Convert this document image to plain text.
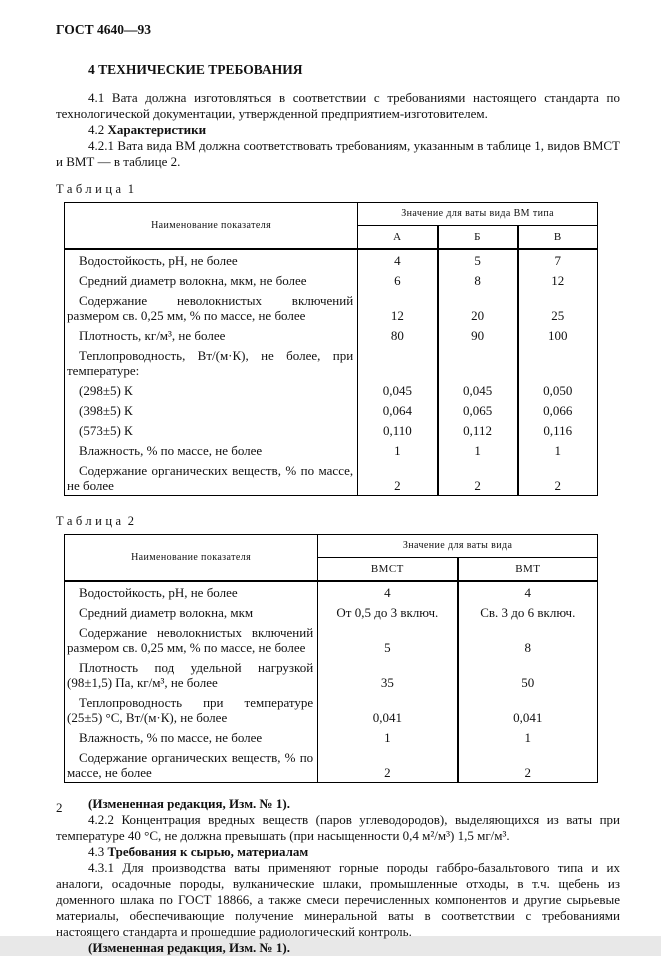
ГОСТ 4640—93
4 ТЕХНИЧЕСКИЕ ТРЕБОВАНИЯ

4.1 Вата должна изготовляться в соответствии с требованиями настоящего стандарта по технологической документации, утвержденной предприятием-изготовителем.

4.2 Характеристики

4.2.1 Вата вида ВМ должна соответствовать требованиям, указанным в таблице 1, видов ВМСТ и ВМТ — в таблице 2.

Таблица 1
Наименование показателя	Значение для ваты вида ВМ типа		
	А	Б	В
Водостойкость, pH, не более	4	5	7
Средний диаметр волокна, мкм, не более	6	8	12
Содержание неволокнистых включений размером св. 0,25 мм, % по массе, не более	12	20	25
Плотность, кг/м³, не более	80	90	100
Теплопроводность, Вт/(м·К), не более, при температуре:			
(298±5) К	0,045	0,045	0,050
(398±5) К	0,064	0,065	0,066
(573±5) К	0,110	0,112	0,116
Влажность, % по массе, не более	1	1	1
Содержание органических веществ, % по массе, не более	2	2	2
Таблица 2
Наименование показателя	Значение для ваты вида	
	ВМСТ	ВМТ
Водостойкость, pH, не более	4	4
Средний диаметр волокна, мкм	От 0,5 до 3 включ.	Св. 3 до 6 включ.
Содержание неволокнистых включений размером св. 0,25 мм, % по массе, не более	5	8
Плотность под удельной нагрузкой (98±1,5) Па, кг/м³, не более	35	50
Теплопроводность при температуре (25±5) °С, Вт/(м·К), не более	0,041	0,041
Влажность, % по массе, не более	1	1
Содержание органических веществ, % по массе, не более	2	2

(Измененная редакция, Изм. № 1).

4.2.2 Концентрация вредных веществ (паров углеводородов), выделяющихся из ваты при температуре 40 °С, не должна превышать (при насыщенности 0,4 м²/м³) 1,5 мг/м³.

4.3 Требования к сырью, материалам

4.3.1 Для производства ваты применяют горные породы габбро-базальтового типа и их аналоги, осадочные породы, вулканические шлаки, промышленные отходы, в т.ч. щебень из доменного шлака по ГОСТ 18866, а также смеси перечисленных компонентов и другие сырьевые материалы, обеспечивающие получение минеральной ваты в соответствии с требованиями настоящего стандарта и прошедшие радиологический контроль.

(Измененная редакция, Изм. № 1).

2
